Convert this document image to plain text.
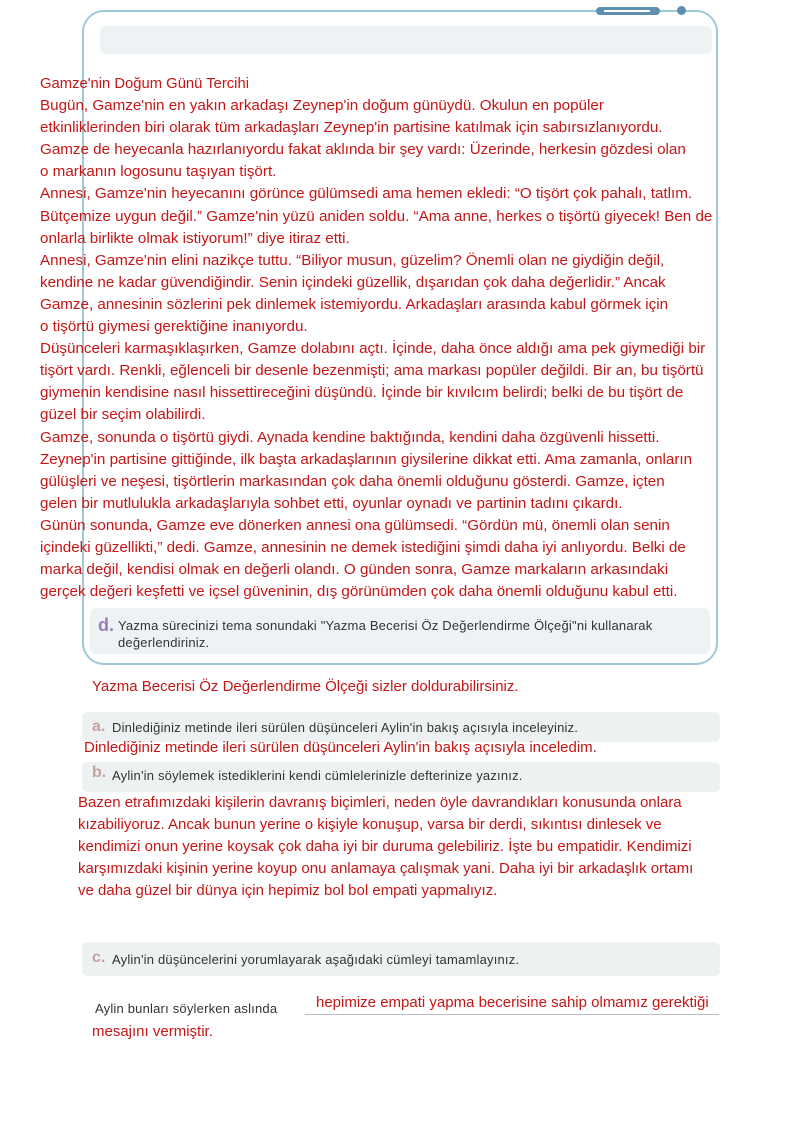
Gamze'nin Doğum Günü Tercihi

Bugün, Gamze'nin en yakın arkadaşı Zeynep'in doğum günüydü. Okulun en popüler

etkinliklerinden biri olarak tüm arkadaşları Zeynep'in partisine katılmak için sabırsızlanıyordu.

Gamze de heyecanla hazırlanıyordu fakat aklında bir şey vardı: Üzerinde, herkesin gözdesi olan

o markanın logosunu taşıyan tişört.

Annesi, Gamze'nin heyecanını görünce gülümsedi ama hemen ekledi: “O tişört çok pahalı, tatlım.

Bütçemize uygun değil.” Gamze'nin yüzü aniden soldu. “Ama anne, herkes o tişörtü giyecek! Ben de

onlarla birlikte olmak istiyorum!” diye itiraz etti.

Annesi, Gamze'nin elini nazikçe tuttu. “Biliyor musun, güzelim? Önemli olan ne giydiğin değil,

kendine ne kadar güvendiğindir. Senin içindeki güzellik, dışarıdan çok daha değerlidir.” Ancak

Gamze, annesinin sözlerini pek dinlemek istemiyordu. Arkadaşları arasında kabul görmek için

o tişörtü giymesi gerektiğine inanıyordu.

Düşünceleri karmaşıklaşırken, Gamze dolabını açtı. İçinde, daha önce aldığı ama pek giymediği bir

tişört vardı. Renkli, eğlenceli bir desenle bezenmişti; ama markası popüler değildi. Bir an, bu tişörtü

giymenin kendisine nasıl hissettireceğini düşündü. İçinde bir kıvılcım belirdi; belki de bu tişört de

güzel bir seçim olabilirdi.

Gamze, sonunda o tişörtü giydi. Aynada kendine baktığında, kendini daha özgüvenli hissetti.

Zeynep'in partisine gittiğinde, ilk başta arkadaşlarının giysilerine dikkat etti. Ama zamanla, onların

gülüşleri ve neşesi, tişörtlerin markasından çok daha önemli olduğunu gösterdi. Gamze, içten

gelen bir mutlulukla arkadaşlarıyla sohbet etti, oyunlar oynadı ve partinin tadını çıkardı.

Günün sonunda, Gamze eve dönerken annesi ona gülümsedi. “Gördün mü, önemli olan senin

içindeki güzellikti,” dedi. Gamze, annesinin ne demek istediğini şimdi daha iyi anlıyordu. Belki de

marka değil, kendisi olmak en değerli olandı. O günden sonra, Gamze markaların arkasındaki

gerçek değeri keşfetti ve içsel güveninin, dış görünümden çok daha önemli olduğunu kabul etti.

d. Yazma sürecinizi tema sonundaki "Yazma Becerisi Öz Değerlendirme Ölçeği"ni kullanarak değerlendiriniz.
Yazma Becerisi Öz Değerlendirme Ölçeği sizler doldurabilirsiniz.
a. Dinlediğiniz metinde ileri sürülen düşünceleri Aylin'in bakış açısıyla inceleyiniz.
Dinlediğiniz metinde ileri sürülen düşünceleri Aylin'in bakış açısıyla inceledim.
b. Aylin'in söylemek istediklerini kendi cümlelerinizle defterinize yazınız.
Bazen etrafımızdaki kişilerin davranış biçimleri, neden öyle davrandıkları konusunda onlara
kızabiliyoruz. Ancak bunun yerine o kişiyle konuşup, varsa bir derdi, sıkıntısı dinlesek ve
kendimizi onun yerine koysak çok daha iyi bir duruma gelebiliriz. İşte bu empatidir. Kendimizi
karşımızdaki kişinin yerine koyup onu anlamaya çalışmak yani. Daha iyi bir arkadaşlık ortamı
ve daha güzel bir dünya için hepimiz bol bol empati yapmalıyız.
c. Aylin'in düşüncelerini yorumlayarak aşağıdaki cümleyi tamamlayınız.
Aylin bunları söylerken aslında	hepimize empati yapma becerisine sahip olmamız gerektiği
mesajını vermiştir.
